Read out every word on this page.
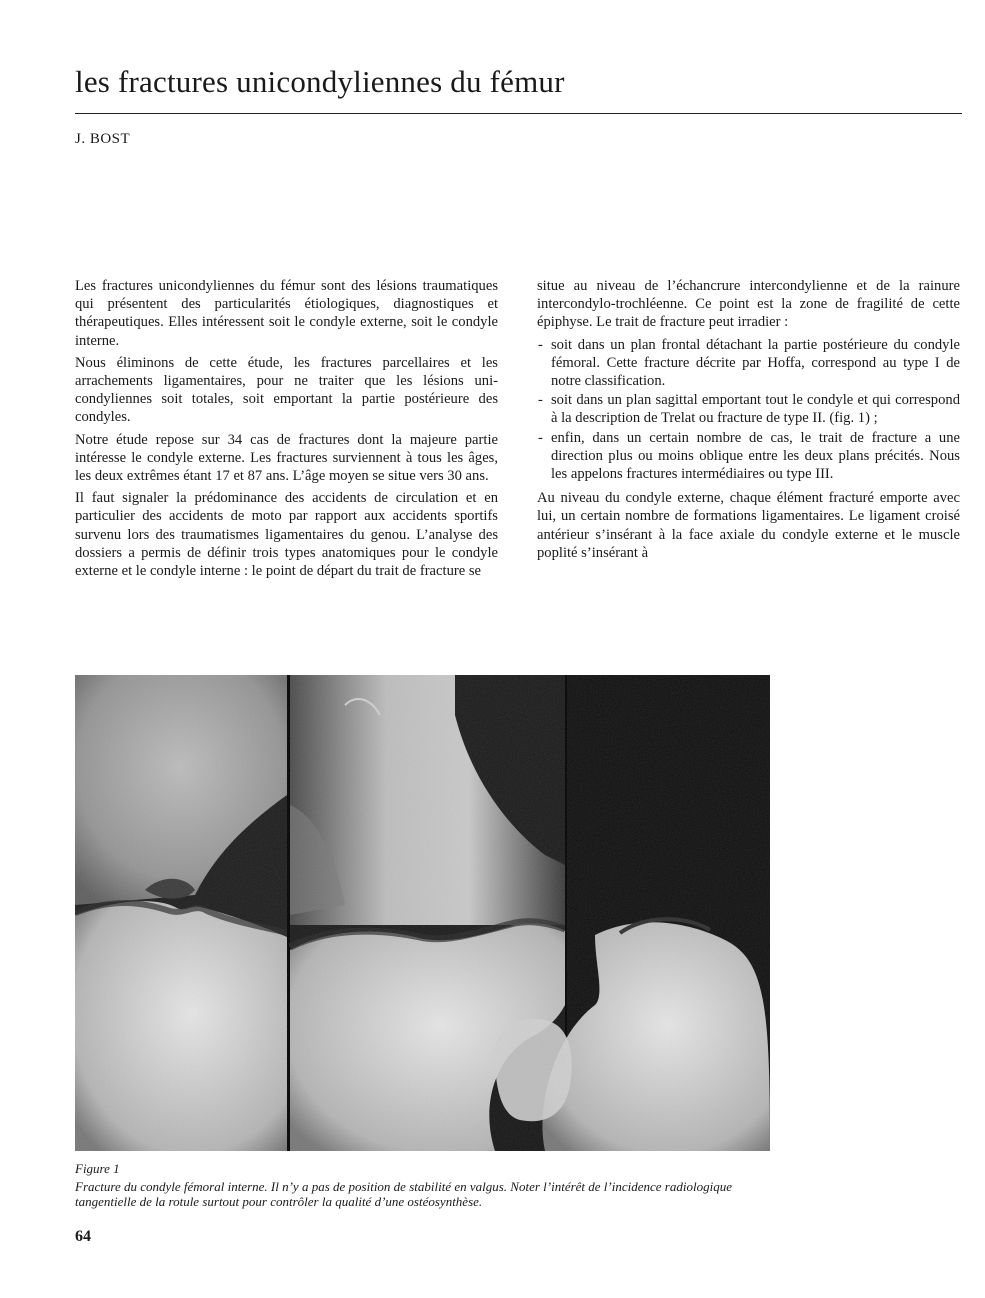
les fractures unicondyliennes du fémur
J. BOST

Les fractures unicondyliennes du fémur sont des lésions traumatiques qui présentent des particularités étiologiques, diagnostiques et thérapeutiques. Elles intéressent soit le condyle externe, soit le condyle interne.

Nous éliminons de cette étude, les fractures parcellaires et les arrachements ligamentaires, pour ne traiter que les lésions uni-condyliennes soit totales, soit emportant la partie postérieure des condyles.

Notre étude repose sur 34 cas de fractures dont la majeure partie intéresse le condyle externe. Les fractures surviennent à tous les âges, les deux extrêmes étant 17 et 87 ans. L’âge moyen se situe vers 30 ans.

Il faut signaler la prédominance des accidents de circulation et en particulier des accidents de moto par rapport aux accidents sportifs survenu lors des traumatismes ligamentaires du genou. L’analyse des dossiers a permis de définir trois types anatomiques pour le condyle externe et le condyle interne : le point de départ du trait de fracture se

situe au niveau de l’échancrure intercondylienne et de la rainure intercondylo-trochléenne. Ce point est la zone de fragilité de cette épiphyse. Le trait de fracture peut irradier :

- soit dans un plan frontal détachant la partie postérieure du condyle fémoral. Cette fracture décrite par Hoffa, correspond au type I de notre classification.
- soit dans un plan sagittal emportant tout le condyle et qui correspond à la description de Trelat ou fracture de type II. (fig. 1) ;
- enfin, dans un certain nombre de cas, le trait de fracture a une direction plus ou moins oblique entre les deux plans précités. Nous les appelons fractures intermédiaires ou type III.

Au niveau du condyle externe, chaque élément fracturé emporte avec lui, un certain nombre de formations ligamentaires. Le ligament croisé antérieur s’insérant à la face axiale du condyle externe et le muscle poplité s’insérant à

Figure 1
Fracture du condyle fémoral interne. Il n’y a pas de position de stabilité en valgus. Noter l’intérêt de l’incidence radiologique tangentielle de la rotule surtout pour contrôler la qualité d’une ostéosynthèse.
64
